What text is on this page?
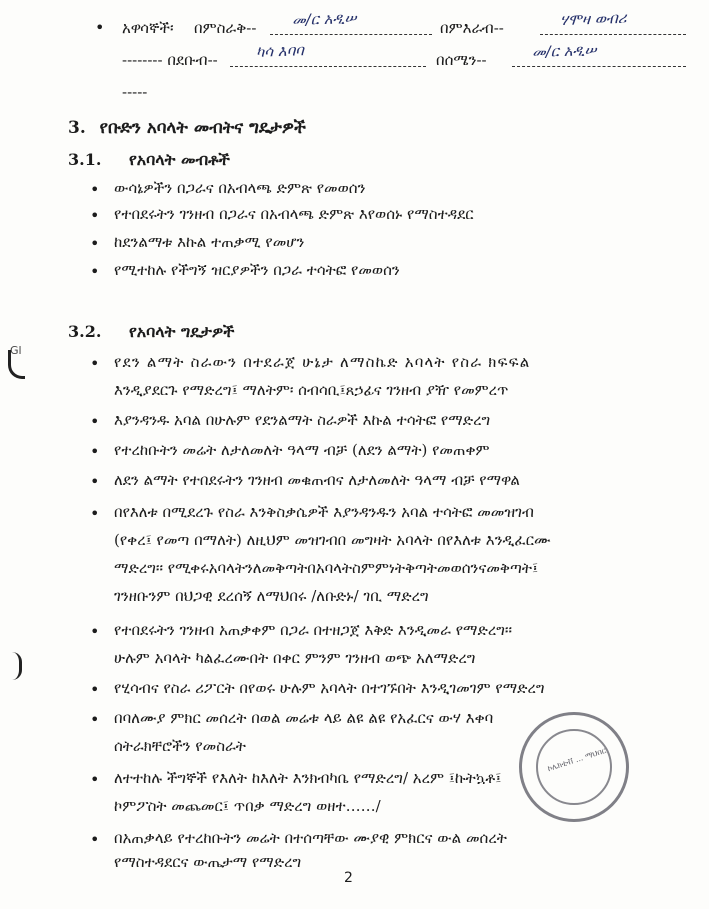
• አዋሳኞች፡ በምስራቅ-- መ/ር አዲሠ	በምእራብ--	ሃሞዛ ወብሪ
-------- በደቡብ--	ካሳ እባባ	በሰሜን--	መ/ር አዲሠ
-----
3. የቡድን አባላት መብትና ግዴታዎች
3.1. የአባላት መብቶች
• ውሳኔዎችን በጋራና በአብላጫ ድምጽ የመወሰን
• የተበደሩትን ገንዘብ በጋራና በአብላጫ ድምጽ እየወሰኑ የማስተዳደር
• ከደንልማቱ እኩል ተጠቃሚ የመሆን
• የሚተከሉ የችግኝ ዝርያዎችን በጋራ ተሳትፎ የመወሰን
3.2. የአባላት ግዴታዎች
• የደን ልማት ስራውን በተደራጀ ሁኔታ ለማስኬድ አባላት የስራ ክፍፍል
እንዲያደርጉ የማድረግ፤ ማለትም፡ ሰብሳቢ፤ጸኃፊና ገንዘብ ያዥ የመምረጥ
• እያንዳንዱ አባል በሁሉም የደንልማት ስራዎች እኩል ተሳትፎ የማድረግ
• የተረከቡትን መሬት ለታለመለት ዓላማ ብቻ (ለደን ልማት) የመጠቀም
• ለደን ልማት የተበደሩትን ገንዘብ መቁጠብና ለታለመለት ዓላማ ብቻ የማዋል
• በየእለቱ በሚደረጉ የስራ እንቅስቃሴዎች እያንዳንዱን አባል ተሳትፎ መመዝገብ
(የቀረ፤ የመጣ በማለት) ለዚህም መዝገብበ መግዛት አባላት በየእለቱ እንዲፈርሙ
ማድረግ፡፡ የሚቀሩአባላትንለመቅጣትበአባላትስምምነትቅጣትመወሰንናመቅጣት፤
ገንዘቡንም በህጋዊ ደረሰኝ ለማህበሩ /ለቡድኑ/ ገቢ ማድረግ
• የተበደሩትን ገንዘብ አጠቃቀም በጋራ በተዘጋጀ እቅድ እንዲመራ የማድረግ፡፡
ሁሉም አባላት ካልፈረሙበት በቀር ምንም ገንዘብ ወጭ አለማድረግ
• የሂሳብና የስራ ሪፖርት በየወሩ ሁሉም አባላት በተገኙበት እንዲገመገም የማድረግ
• በባለሙያ ምክር መሰረት በወል መሬቱ ላይ ልዩ ልዩ የአፈርና ውሃ እቀባ
ሰትራክቸሮችን የመስራት
• ለተተከሉ ችግኞች የእለት ከእለት እንክብካቤ የማድረግ/ አረም ፤ኩትኳቶ፤
ኮምፖስት መጨመር፤ ጥበቃ ማድረግ ወዘተ……/
• በአጠቃላይ የተረከቡትን መሬት በተሰጣቸው ሙያዊ ምክርና ውል መሰረት
የማስተዳደርና ውጤታማ የማድረግ
Gl
ኮሌክቲቭ ... ማህበር
2
